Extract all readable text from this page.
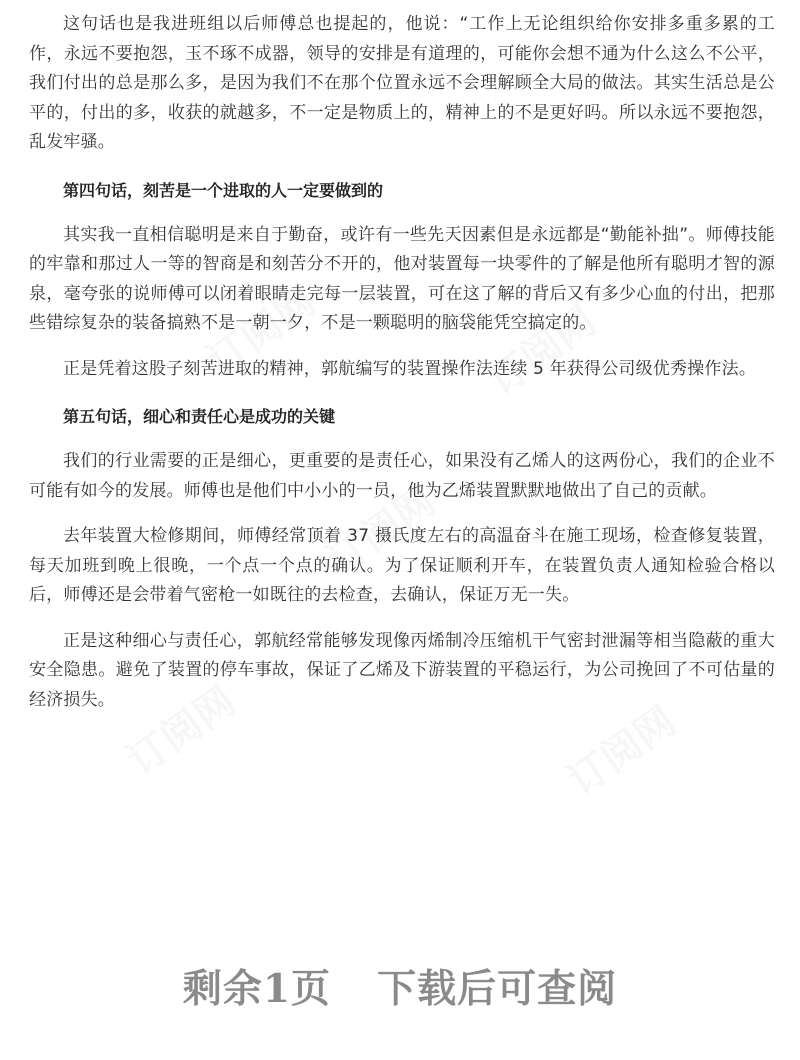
这句话也是我进班组以后师傅总也提起的，他说：“工作上无论组织给你安排多重多累的工作，永远不要抱怨，玉不琢不成器，领导的安排是有道理的，可能你会想不通为什么这么不公平，我们付出的总是那么多，是因为我们不在那个位置永远不会理解顾全大局的做法。其实生活总是公平的，付出的多，收获的就越多，不一定是物质上的，精神上的不是更好吗。所以永远不要抱怨，乱发牢骚。

第四句话，刻苦是一个进取的人一定要做到的

其实我一直相信聪明是来自于勤奋，或许有一些先天因素但是永远都是“勤能补拙”。师傅技能的牢靠和那过人一等的智商是和刻苦分不开的，他对装置每一块零件的了解是他所有聪明才智的源泉，毫夸张的说师傅可以闭着眼睛走完每一层装置，可在这了解的背后又有多少心血的付出，把那些错综复杂的装备搞熟不是一朝一夕，不是一颗聪明的脑袋能凭空搞定的。

正是凭着这股子刻苦进取的精神，郭航编写的装置操作法连续 5 年获得公司级优秀操作法。

第五句话，细心和责任心是成功的关键

我们的行业需要的正是细心，更重要的是责任心，如果没有乙烯人的这两份心，我们的企业不可能有如今的发展。师傅也是他们中小小的一员，他为乙烯装置默默地做出了自己的贡献。

去年装置大检修期间，师傅经常顶着 37 摄氏度左右的高温奋斗在施工现场，检查修复装置，每天加班到晚上很晚，一个点一个点的确认。为了保证顺利开车，在装置负责人通知检验合格以后，师傅还是会带着气密枪一如既往的去检查，去确认，保证万无一失。

正是这种细心与责任心，郭航经常能够发现像丙烯制冷压缩机干气密封泄漏等相当隐蔽的重大安全隐患。避免了装置的停车事故，保证了乙烯及下游装置的平稳运行，为公司挽回了不可估量的经济损失。

剩余1页 下载后可查阅
